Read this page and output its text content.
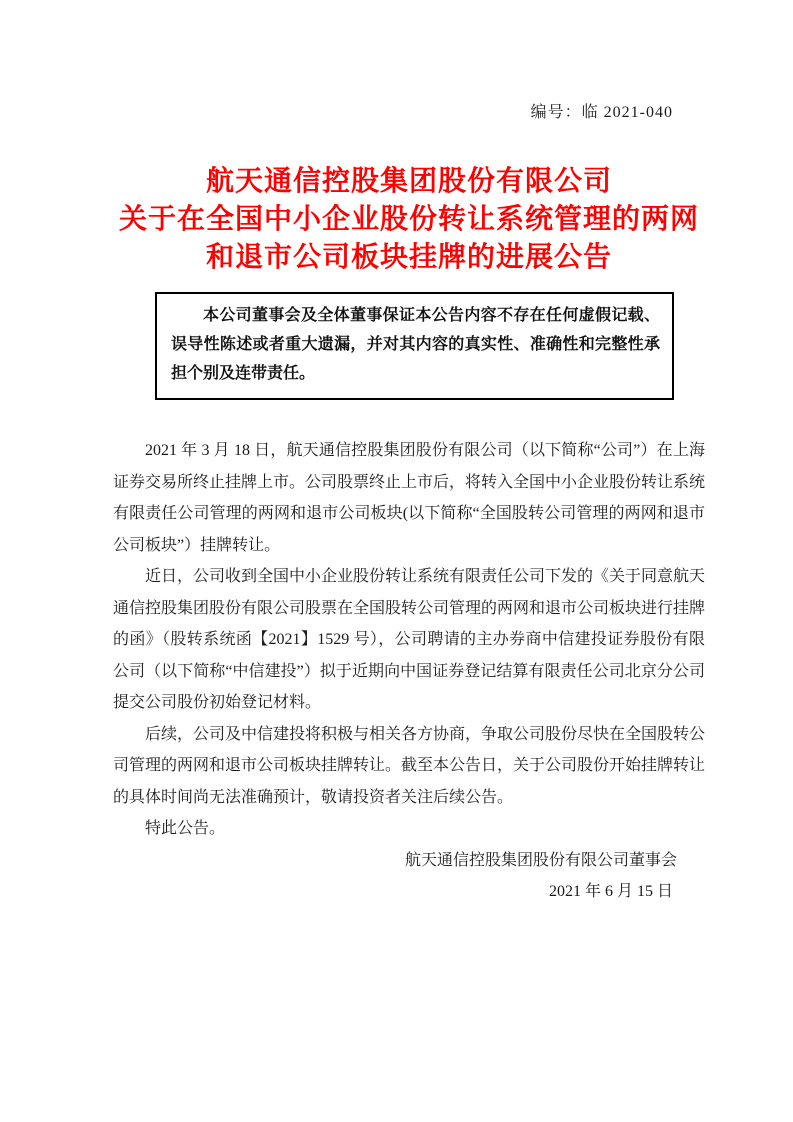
编号：临 2021-040
航天通信控股集团股份有限公司
关于在全国中小企业股份转让系统管理的两网
和退市公司板块挂牌的进展公告
本公司董事会及全体董事保证本公告内容不存在任何虚假记载、误导性陈述或者重大遗漏，并对其内容的真实性、准确性和完整性承担个别及连带责任。

2021 年 3 月 18 日，航天通信控股集团股份有限公司（以下简称“公司”）在上海证券交易所终止挂牌上市。公司股票终止上市后，将转入全国中小企业股份转让系统有限责任公司管理的两网和退市公司板块(以下简称“全国股转公司管理的两网和退市公司板块”）挂牌转让。

近日，公司收到全国中小企业股份转让系统有限责任公司下发的《关于同意航天通信控股集团股份有限公司股票在全国股转公司管理的两网和退市公司板块进行挂牌的函》（股转系统函【2021】1529 号），公司聘请的主办券商中信建投证券股份有限公司（以下简称“中信建投”）拟于近期向中国证券登记结算有限责任公司北京分公司提交公司股份初始登记材料。

后续，公司及中信建投将积极与相关各方协商，争取公司股份尽快在全国股转公司管理的两网和退市公司板块挂牌转让。截至本公告日，关于公司股份开始挂牌转让的具体时间尚无法准确预计，敬请投资者关注后续公告。

特此公告。

航天通信控股集团股份有限公司董事会
2021 年 6 月 15 日
